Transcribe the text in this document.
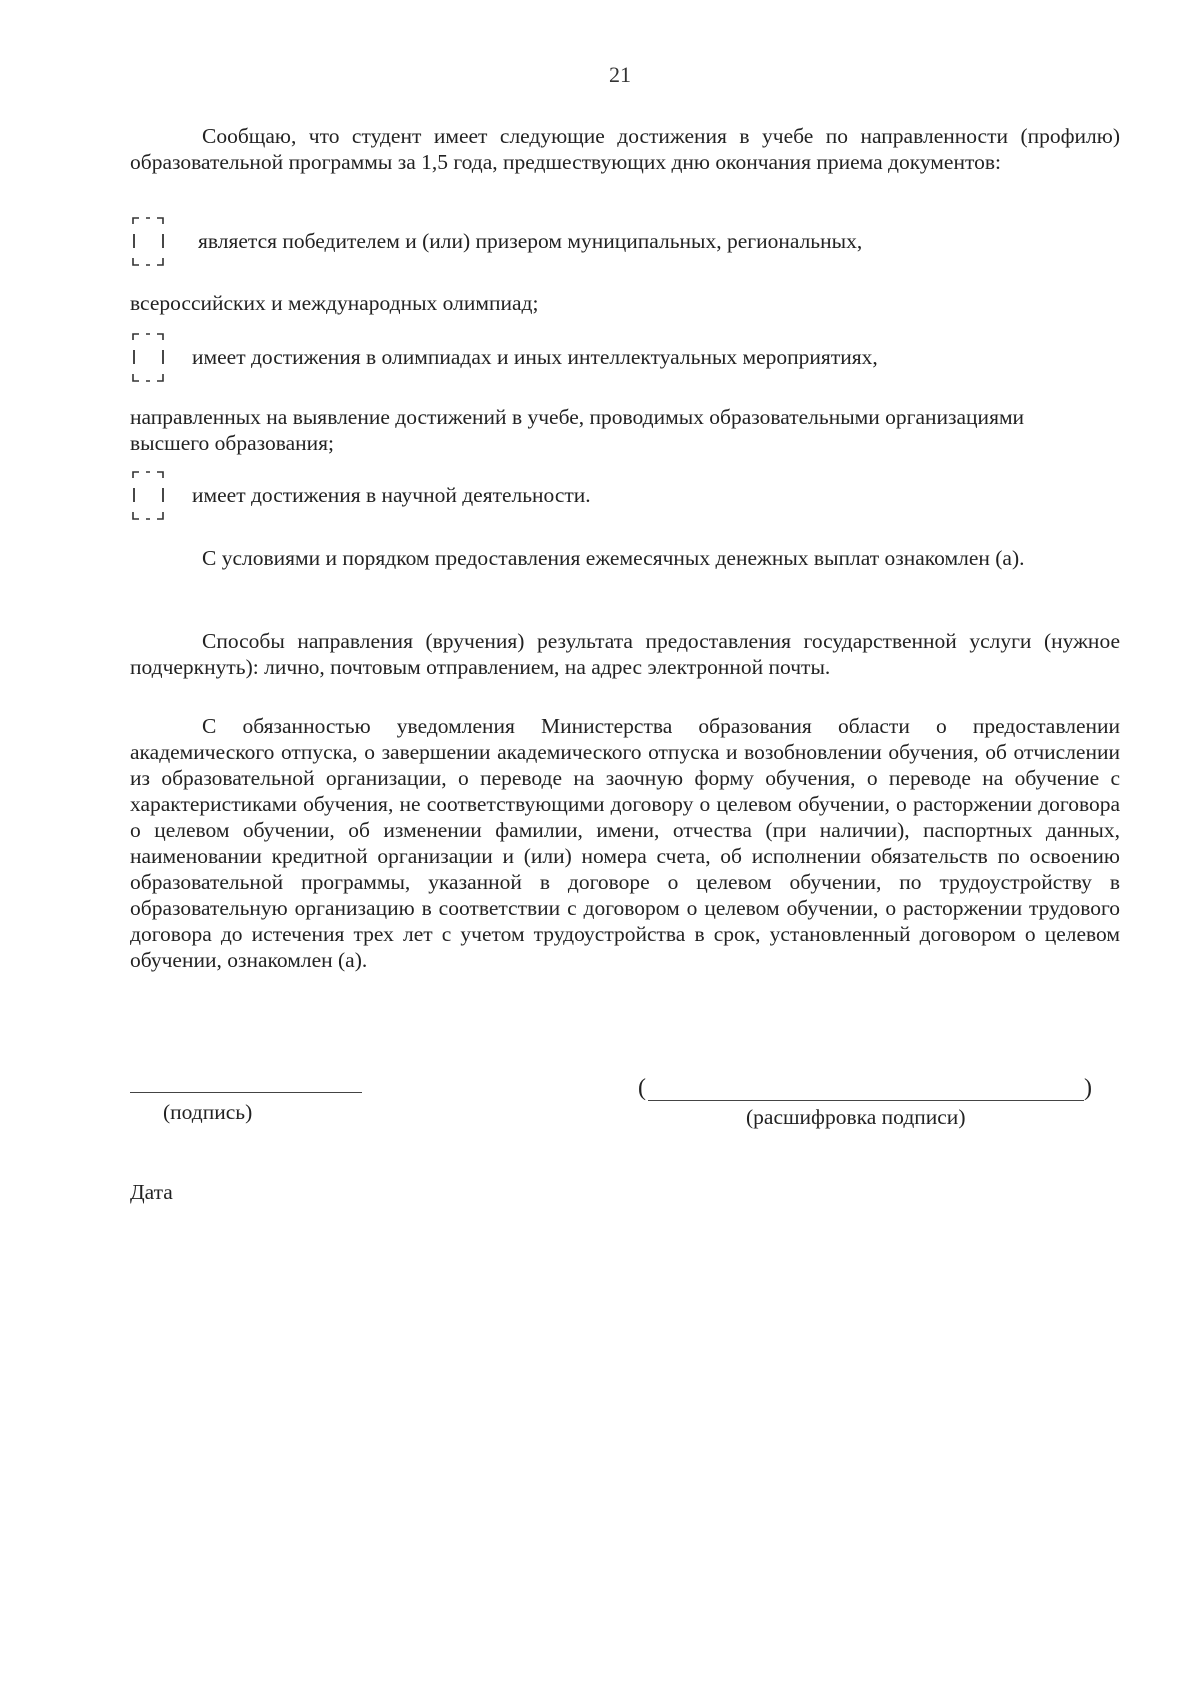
21
Сообщаю, что студент имеет следующие достижения в учебе по направленности (профилю) образовательной программы за 1,5 года, предшествующих дню окончания приема документов:
является победителем и (или) призером муниципальных, региональных,
всероссийских и международных олимпиад;
имеет достижения в олимпиадах и иных интеллектуальных мероприятиях,
направленных на выявление достижений в учебе, проводимых образовательными организациями высшего образования;
имеет достижения в научной деятельности.
С условиями и порядком предоставления ежемесячных денежных выплат ознакомлен (а).
Способы направления (вручения) результата предоставления государственной услуги (нужное подчеркнуть): лично, почтовым отправлением, на адрес электронной почты.
С обязанностью уведомления Министерства образования области о предоставлении академического отпуска, о завершении академического отпуска и возобновлении обучения, об отчислении из образовательной организации, о переводе на заочную форму обучения, о переводе на обучение с характеристиками обучения, не соответствующими договору о целевом обучении, о расторжении договора о целевом обучении, об изменении фамилии, имени, отчества (при наличии), паспортных данных, наименовании кредитной организации и (или) номера счета, об исполнении обязательств по освоению образовательной программы, указанной в договоре о целевом обучении, по трудоустройству в образовательную организацию в соответствии с договором о целевом обучении, о расторжении трудового договора до истечения трех лет с учетом трудоустройства в срок, установленный договором о целевом обучении, ознакомлен (а).
(подпись)
(	)
(расшифровка подписи)
Дата
